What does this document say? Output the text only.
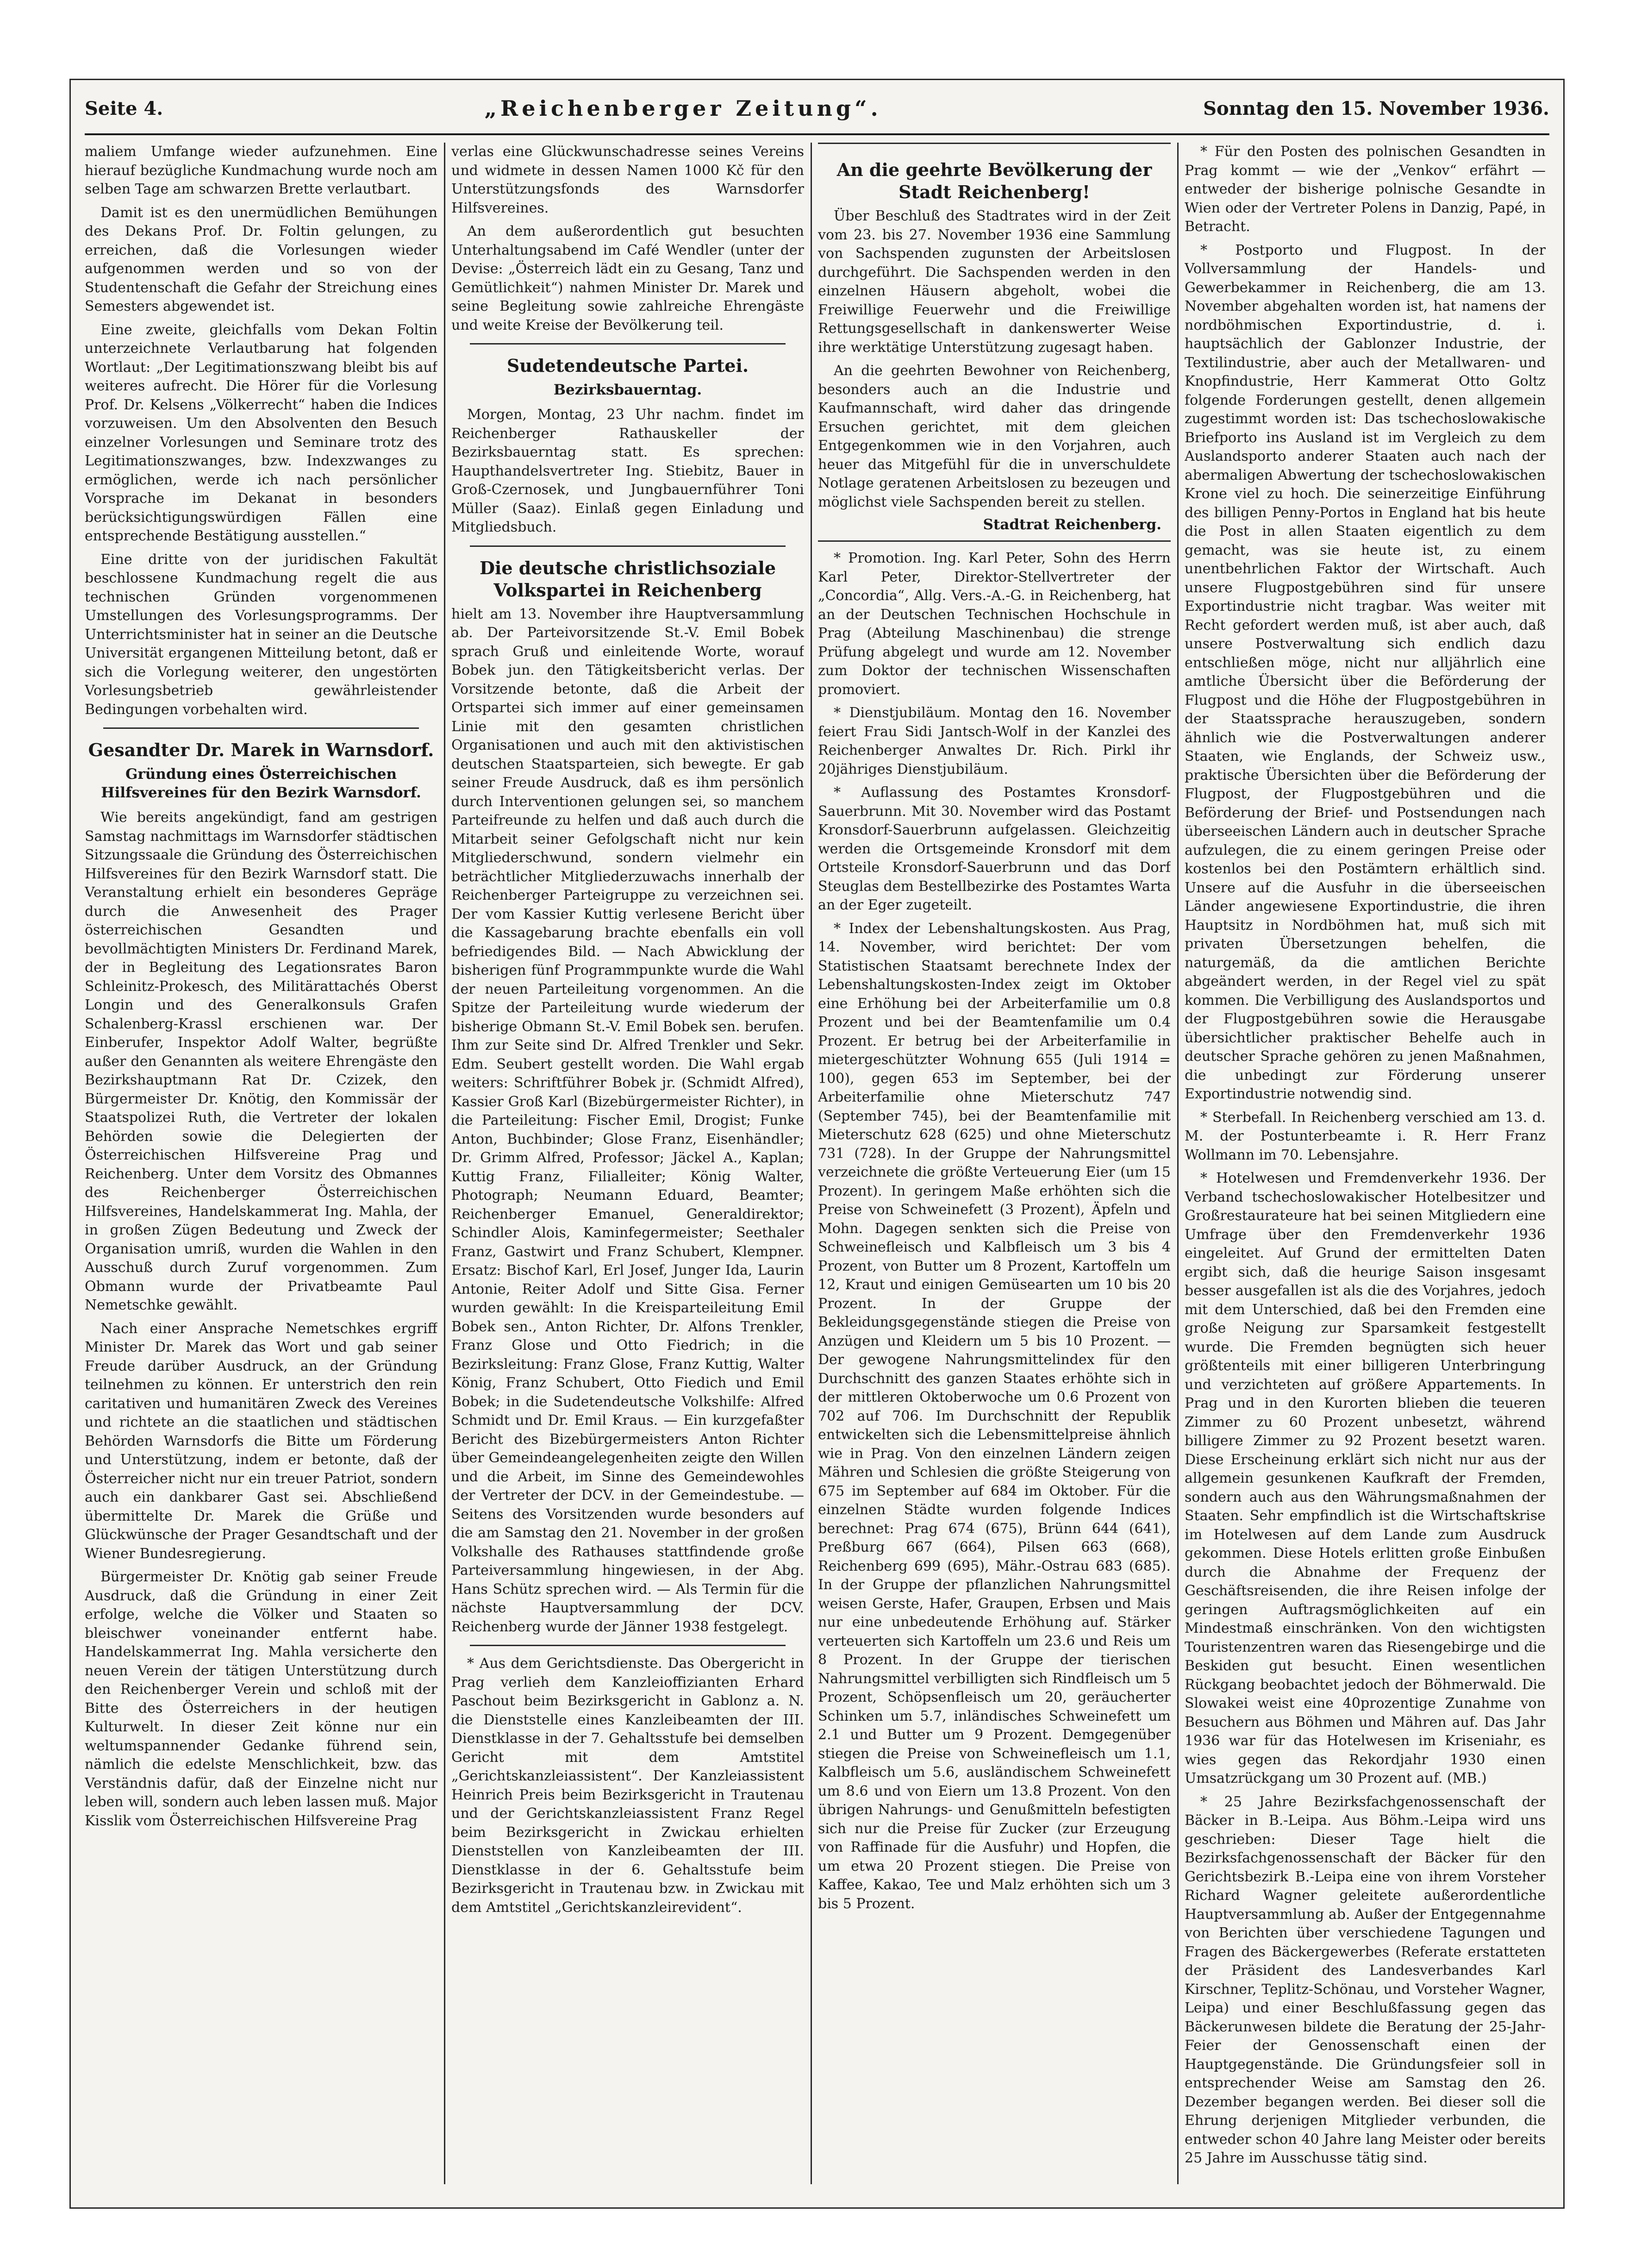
Seite 4.	„Reichenberger Zeitung“.	Sonntag den 15. November 1936.

maliem Umfange wieder aufzunehmen. Eine hierauf bezügliche Kundmachung wurde noch am selben Tage am schwarzen Brette verlautbart.

Damit ist es den unermüdlichen Bemühungen des Dekans Prof. Dr. Foltin gelungen, zu erreichen, daß die Vorlesungen wieder aufgenommen werden und so von der Studentenschaft die Gefahr der Streichung eines Semesters abgewendet ist.

Eine zweite, gleichfalls vom Dekan Foltin unterzeichnete Verlautbarung hat folgenden Wortlaut: „Der Legitimationszwang bleibt bis auf weiteres aufrecht. Die Hörer für die Vorlesung Prof. Dr. Kelsens „Völkerrecht“ haben die Indices vorzuweisen. Um den Absolventen den Besuch einzelner Vorlesungen und Seminare trotz des Legitimationszwanges, bzw. Indexzwanges zu ermöglichen, werde ich nach persönlicher Vorsprache im Dekanat in besonders berücksichtigungswürdigen Fällen eine entsprechende Bestätigung ausstellen.“

Eine dritte von der juridischen Fakultät beschlossene Kundmachung regelt die aus technischen Gründen vorgenommenen Umstellungen des Vorlesungsprogramms. Der Unterrichtsminister hat in seiner an die Deutsche Universität ergangenen Mitteilung betont, daß er sich die Vorlegung weiterer, den ungestörten Vorlesungsbetrieb gewährleistender Bedingungen vorbehalten wird.

Gesandter Dr. Marek in Warnsdorf.
Gründung eines Österreichischen Hilfsvereines für den Bezirk Warnsdorf.

Wie bereits angekündigt, fand am gestrigen Samstag nachmittags im Warnsdorfer städtischen Sitzungssaale die Gründung des Österreichischen Hilfsvereines für den Bezirk Warnsdorf statt. Die Veranstaltung erhielt ein besonderes Gepräge durch die Anwesenheit des Prager österreichischen Gesandten und bevollmächtigten Ministers Dr. Ferdinand Marek, der in Begleitung des Legationsrates Baron Schleinitz-Prokesch, des Militärattachés Oberst Longin und des Generalkonsuls Grafen Schalenberg-Krassl erschienen war. Der Einberufer, Inspektor Adolf Walter, begrüßte außer den Genannten als weitere Ehrengäste den Bezirkshauptmann Rat Dr. Czizek, den Bürgermeister Dr. Knötig, den Kommissär der Staatspolizei Ruth, die Vertreter der lokalen Behörden sowie die Delegierten der Österreichischen Hilfsvereine Prag und Reichenberg. Unter dem Vorsitz des Obmannes des Reichenberger Österreichischen Hilfsvereines, Handelskammerat Ing. Mahla, der in großen Zügen Bedeutung und Zweck der Organisation umriß, wurden die Wahlen in den Ausschuß durch Zuruf vorgenommen. Zum Obmann wurde der Privatbeamte Paul Nemetschke gewählt.

Nach einer Ansprache Nemetschkes ergriff Minister Dr. Marek das Wort und gab seiner Freude darüber Ausdruck, an der Gründung teilnehmen zu können. Er unterstrich den rein caritativen und humanitären Zweck des Vereines und richtete an die staatlichen und städtischen Behörden Warnsdorfs die Bitte um Förderung und Unterstützung, indem er betonte, daß der Österreicher nicht nur ein treuer Patriot, sondern auch ein dankbarer Gast sei. Abschließend übermittelte Dr. Marek die Grüße und Glückwünsche der Prager Gesandtschaft und der Wiener Bundesregierung.

Bürgermeister Dr. Knötig gab seiner Freude Ausdruck, daß die Gründung in einer Zeit erfolge, welche die Völker und Staaten so bleischwer voneinander entfernt habe. Handelskammerrat Ing. Mahla versicherte den neuen Verein der tätigen Unterstützung durch den Reichenberger Verein und schloß mit der Bitte des Österreichers in der heutigen Kulturwelt. In dieser Zeit könne nur ein weltumspannender Gedanke führend sein, nämlich die edelste Menschlichkeit, bzw. das Verständnis dafür, daß der Einzelne nicht nur leben will, sondern auch leben lassen muß. Major Kisslik vom Österreichischen Hilfsvereine Prag

verlas eine Glückwunschadresse seines Vereins und widmete in dessen Namen 1000 Kč für den Unterstützungsfonds des Warnsdorfer Hilfsvereines.

An dem außerordentlich gut besuchten Unterhaltungsabend im Café Wendler (unter der Devise: „Österreich lädt ein zu Gesang, Tanz und Gemütlichkeit“) nahmen Minister Dr. Marek und seine Begleitung sowie zahlreiche Ehrengäste und weite Kreise der Bevölkerung teil.

Sudetendeutsche Partei.
Bezirksbauerntag.

Morgen, Montag, 23 Uhr nachm. findet im Reichenberger Rathauskeller der Bezirksbauerntag statt. Es sprechen: Haupthandelsvertreter Ing. Stiebitz, Bauer in Groß-Czernosek, und Jungbauernführer Toni Müller (Saaz). Einlaß gegen Einladung und Mitgliedsbuch.

Die deutsche christlichsoziale Volkspartei in Reichenberg

hielt am 13. November ihre Hauptversammlung ab. Der Parteivorsitzende St.-V. Emil Bobek sprach Gruß und einleitende Worte, worauf Bobek jun. den Tätigkeitsbericht verlas. Der Vorsitzende betonte, daß die Arbeit der Ortspartei sich immer auf einer gemeinsamen Linie mit den gesamten christlichen Organisationen und auch mit den aktivistischen deutschen Staatsparteien, sich bewegte. Er gab seiner Freude Ausdruck, daß es ihm persönlich durch Interventionen gelungen sei, so manchem Parteifreunde zu helfen und daß auch durch die Mitarbeit seiner Gefolgschaft nicht nur kein Mitgliederschwund, sondern vielmehr ein beträchtlicher Mitgliederzuwachs innerhalb der Reichenberger Parteigruppe zu verzeichnen sei. Der vom Kassier Kuttig verlesene Bericht über die Kassagebarung brachte ebenfalls ein voll befriedigendes Bild. — Nach Abwicklung der bisherigen fünf Programmpunkte wurde die Wahl der neuen Parteileitung vorgenommen. An die Spitze der Parteileitung wurde wiederum der bisherige Obmann St.-V. Emil Bobek sen. berufen. Ihm zur Seite sind Dr. Alfred Trenkler und Sekr. Edm. Seubert gestellt worden. Die Wahl ergab weiters: Schriftführer Bobek jr. (Schmidt Alfred), Kassier Groß Karl (Bizebürgermeister Richter), in die Parteileitung: Fischer Emil, Drogist; Funke Anton, Buchbinder; Glose Franz, Eisenhändler; Dr. Grimm Alfred, Professor; Jäckel A., Kaplan; Kuttig Franz, Filialleiter; König Walter, Photograph; Neumann Eduard, Beamter; Reichenberger Emanuel, Generaldirektor; Schindler Alois, Kaminfegermeister; Seethaler Franz, Gastwirt und Franz Schubert, Klempner. Ersatz: Bischof Karl, Erl Josef, Junger Ida, Laurin Antonie, Reiter Adolf und Sitte Gisa. Ferner wurden gewählt: In die Kreisparteileitung Emil Bobek sen., Anton Richter, Dr. Alfons Trenkler, Franz Glose und Otto Fiedrich; in die Bezirksleitung: Franz Glose, Franz Kuttig, Walter König, Franz Schubert, Otto Fiedich und Emil Bobek; in die Sudetendeutsche Volkshilfe: Alfred Schmidt und Dr. Emil Kraus. — Ein kurzgefaßter Bericht des Bizebürgermeisters Anton Richter über Gemeindeangelegenheiten zeigte den Willen und die Arbeit, im Sinne des Gemeindewohles der Vertreter der DCV. in der Gemeindestube. — Seitens des Vorsitzenden wurde besonders auf die am Samstag den 21. November in der großen Volkshalle des Rathauses stattfindende große Parteiversammlung hingewiesen, in der Abg. Hans Schütz sprechen wird. — Als Termin für die nächste Hauptversammlung der DCV. Reichenberg wurde der Jänner 1938 festgelegt.

* Aus dem Gerichtsdienste. Das Obergericht in Prag verlieh dem Kanzleioffizianten Erhard Paschout beim Bezirksgericht in Gablonz a. N. die Dienststelle eines Kanzleibeamten der III. Dienstklasse in der 7. Gehaltsstufe bei demselben Gericht mit dem Amtstitel „Gerichtskanzleiassistent“. Der Kanzleiassistent Heinrich Preis beim Bezirksgericht in Trautenau und der Gerichtskanzleiassistent Franz Regel beim Bezirksgericht in Zwickau erhielten Dienststellen von Kanzleibeamten der III. Dienstklasse in der 6. Gehaltsstufe beim Bezirksgericht in Trautenau bzw. in Zwickau mit dem Amtstitel „Gerichtskanzleirevident“.

An die geehrte Bevölkerung der Stadt Reichenberg!

Über Beschluß des Stadtrates wird in der Zeit vom 23. bis 27. November 1936 eine Sammlung von Sachspenden zugunsten der Arbeitslosen durchgeführt. Die Sachspenden werden in den einzelnen Häusern abgeholt, wobei die Freiwillige Feuerwehr und die Freiwillige Rettungsgesellschaft in dankenswerter Weise ihre werktätige Unterstützung zugesagt haben.

An die geehrten Bewohner von Reichenberg, besonders auch an die Industrie und Kaufmannschaft, wird daher das dringende Ersuchen gerichtet, mit dem gleichen Entgegenkommen wie in den Vorjahren, auch heuer das Mitgefühl für die in unverschuldete Notlage geratenen Arbeitslosen zu bezeugen und möglichst viele Sachspenden bereit zu stellen.

Stadtrat Reichenberg.

* Promotion. Ing. Karl Peter, Sohn des Herrn Karl Peter, Direktor-Stellvertreter der „Concordia“, Allg. Vers.-A.-G. in Reichenberg, hat an der Deutschen Technischen Hochschule in Prag (Abteilung Maschinenbau) die strenge Prüfung abgelegt und wurde am 12. November zum Doktor der technischen Wissenschaften promoviert.

* Dienstjubiläum. Montag den 16. November feiert Frau Sidi Jantsch-Wolf in der Kanzlei des Reichenberger Anwaltes Dr. Rich. Pirkl ihr 20jähriges Dienstjubiläum.

* Auflassung des Postamtes Kronsdorf-Sauerbrunn. Mit 30. November wird das Postamt Kronsdorf-Sauerbrunn aufgelassen. Gleichzeitig werden die Ortsgemeinde Kronsdorf mit dem Ortsteile Kronsdorf-Sauerbrunn und das Dorf Steuglas dem Bestellbezirke des Postamtes Warta an der Eger zugeteilt.

* Index der Lebenshaltungskosten. Aus Prag, 14. November, wird berichtet: Der vom Statistischen Staatsamt berechnete Index der Lebenshaltungskosten-Index zeigt im Oktober eine Erhöhung bei der Arbeiterfamilie um 0.8 Prozent und bei der Beamtenfamilie um 0.4 Prozent. Er betrug bei der Arbeiterfamilie in mietergeschützter Wohnung 655 (Juli 1914 = 100), gegen 653 im September, bei der Arbeiterfamilie ohne Mieterschutz 747 (September 745), bei der Beamtenfamilie mit Mieterschutz 628 (625) und ohne Mieterschutz 731 (728). In der Gruppe der Nahrungsmittel verzeichnete die größte Verteuerung Eier (um 15 Prozent). In geringem Maße erhöhten sich die Preise von Schweinefett (3 Prozent), Äpfeln und Mohn. Dagegen senkten sich die Preise von Schweinefleisch und Kalbfleisch um 3 bis 4 Prozent, von Butter um 8 Prozent, Kartoffeln um 12, Kraut und einigen Gemüsearten um 10 bis 20 Prozent. In der Gruppe der Bekleidungsgegenstände stiegen die Preise von Anzügen und Kleidern um 5 bis 10 Prozent. — Der gewogene Nahrungsmittelindex für den Durchschnitt des ganzen Staates erhöhte sich in der mittleren Oktoberwoche um 0.6 Prozent von 702 auf 706. Im Durchschnitt der Republik entwickelten sich die Lebensmittelpreise ähnlich wie in Prag. Von den einzelnen Ländern zeigen Mähren und Schlesien die größte Steigerung von 675 im September auf 684 im Oktober. Für die einzelnen Städte wurden folgende Indices berechnet: Prag 674 (675), Brünn 644 (641), Preßburg 667 (664), Pilsen 663 (668), Reichenberg 699 (695), Mähr.-Ostrau 683 (685). In der Gruppe der pflanzlichen Nahrungsmittel weisen Gerste, Hafer, Graupen, Erbsen und Mais nur eine unbedeutende Erhöhung auf. Stärker verteuerten sich Kartoffeln um 23.6 und Reis um 8 Prozent. In der Gruppe der tierischen Nahrungsmittel verbilligten sich Rindfleisch um 5 Prozent, Schöpsenfleisch um 20, geräucherter Schinken um 5.7, inländisches Schweinefett um 2.1 und Butter um 9 Prozent. Demgegenüber stiegen die Preise von Schweinefleisch um 1.1, Kalbfleisch um 5.6, ausländischem Schweinefett um 8.6 und von Eiern um 13.8 Prozent. Von den übrigen Nahrungs- und Genußmitteln befestigten sich nur die Preise für Zucker (zur Erzeugung von Raffinade für die Ausfuhr) und Hopfen, die um etwa 20 Prozent stiegen. Die Preise von Kaffee, Kakao, Tee und Malz erhöhten sich um 3 bis 5 Prozent.

* Für den Posten des polnischen Gesandten in Prag kommt — wie der „Venkov“ erfährt — entweder der bisherige polnische Gesandte in Wien oder der Vertreter Polens in Danzig, Papé, in Betracht.

* Postporto und Flugpost. In der Vollversammlung der Handels- und Gewerbekammer in Reichenberg, die am 13. November abgehalten worden ist, hat namens der nordböhmischen Exportindustrie, d. i. hauptsächlich der Gablonzer Industrie, der Textilindustrie, aber auch der Metallwaren- und Knopfindustrie, Herr Kammerat Otto Goltz folgende Forderungen gestellt, denen allgemein zugestimmt worden ist: Das tschechoslowakische Briefporto ins Ausland ist im Vergleich zu dem Auslandsporto anderer Staaten auch nach der abermaligen Abwertung der tschechoslowakischen Krone viel zu hoch. Die seinerzeitige Einführung des billigen Penny-Portos in England hat bis heute die Post in allen Staaten eigentlich zu dem gemacht, was sie heute ist, zu einem unentbehrlichen Faktor der Wirtschaft. Auch unsere Flugpostgebühren sind für unsere Exportindustrie nicht tragbar. Was weiter mit Recht gefordert werden muß, ist aber auch, daß unsere Postverwaltung sich endlich dazu entschließen möge, nicht nur alljährlich eine amtliche Übersicht über die Beförderung der Flugpost und die Höhe der Flugpostgebühren in der Staatssprache herauszugeben, sondern ähnlich wie die Postverwaltungen anderer Staaten, wie Englands, der Schweiz usw., praktische Übersichten über die Beförderung der Flugpost, der Flugpostgebühren und die Beförderung der Brief- und Postsendungen nach überseeischen Ländern auch in deutscher Sprache aufzulegen, die zu einem geringen Preise oder kostenlos bei den Postämtern erhältlich sind. Unsere auf die Ausfuhr in die überseeischen Länder angewiesene Exportindustrie, die ihren Hauptsitz in Nordböhmen hat, muß sich mit privaten Übersetzungen behelfen, die naturgemäß, da die amtlichen Berichte abgeändert werden, in der Regel viel zu spät kommen. Die Verbilligung des Auslandsportos und der Flugpostgebühren sowie die Herausgabe übersichtlicher praktischer Behelfe auch in deutscher Sprache gehören zu jenen Maßnahmen, die unbedingt zur Förderung unserer Exportindustrie notwendig sind.

* Sterbefall. In Reichenberg verschied am 13. d. M. der Postunterbeamte i. R. Herr Franz Wollmann im 70. Lebensjahre.

* Hotelwesen und Fremdenverkehr 1936. Der Verband tschechoslowakischer Hotelbesitzer und Großrestaurateure hat bei seinen Mitgliedern eine Umfrage über den Fremdenverkehr 1936 eingeleitet. Auf Grund der ermittelten Daten ergibt sich, daß die heurige Saison insgesamt besser ausgefallen ist als die des Vorjahres, jedoch mit dem Unterschied, daß bei den Fremden eine große Neigung zur Sparsamkeit festgestellt wurde. Die Fremden begnügten sich heuer größtenteils mit einer billigeren Unterbringung und verzichteten auf größere Appartements. In Prag und in den Kurorten blieben die teueren Zimmer zu 60 Prozent unbesetzt, während billigere Zimmer zu 92 Prozent besetzt waren. Diese Erscheinung erklärt sich nicht nur aus der allgemein gesunkenen Kaufkraft der Fremden, sondern auch aus den Währungsmaßnahmen der Staaten. Sehr empfindlich ist die Wirtschaftskrise im Hotelwesen auf dem Lande zum Ausdruck gekommen. Diese Hotels erlitten große Einbußen durch die Abnahme der Frequenz der Geschäftsreisenden, die ihre Reisen infolge der geringen Auftragsmöglichkeiten auf ein Mindestmaß einschränken. Von den wichtigsten Touristenzentren waren das Riesengebirge und die Beskiden gut besucht. Einen wesentlichen Rückgang beobachtet jedoch der Böhmerwald. Die Slowakei weist eine 40prozentige Zunahme von Besuchern aus Böhmen und Mähren auf. Das Jahr 1936 war für das Hotelwesen im Kriseniahr, es wies gegen das Rekordjahr 1930 einen Umsatzrückgang um 30 Prozent auf. (MB.)

* 25 Jahre Bezirksfachgenossenschaft der Bäcker in B.-Leipa. Aus Böhm.-Leipa wird uns geschrieben: Dieser Tage hielt die Bezirksfachgenossenschaft der Bäcker für den Gerichtsbezirk B.-Leipa eine von ihrem Vorsteher Richard Wagner geleitete außerordentliche Hauptversammlung ab. Außer der Entgegennahme von Berichten über verschiedene Tagungen und Fragen des Bäckergewerbes (Referate erstatteten der Präsident des Landesverbandes Karl Kirschner, Teplitz-Schönau, und Vorsteher Wagner, Leipa) und einer Beschlußfassung gegen das Bäckerunwesen bildete die Beratung der 25-Jahr-Feier der Genossenschaft einen der Hauptgegenstände. Die Gründungsfeier soll in entsprechender Weise am Samstag den 26. Dezember begangen werden. Bei dieser soll die Ehrung derjenigen Mitglieder verbunden, die entweder schon 40 Jahre lang Meister oder bereits 25 Jahre im Ausschusse tätig sind.
